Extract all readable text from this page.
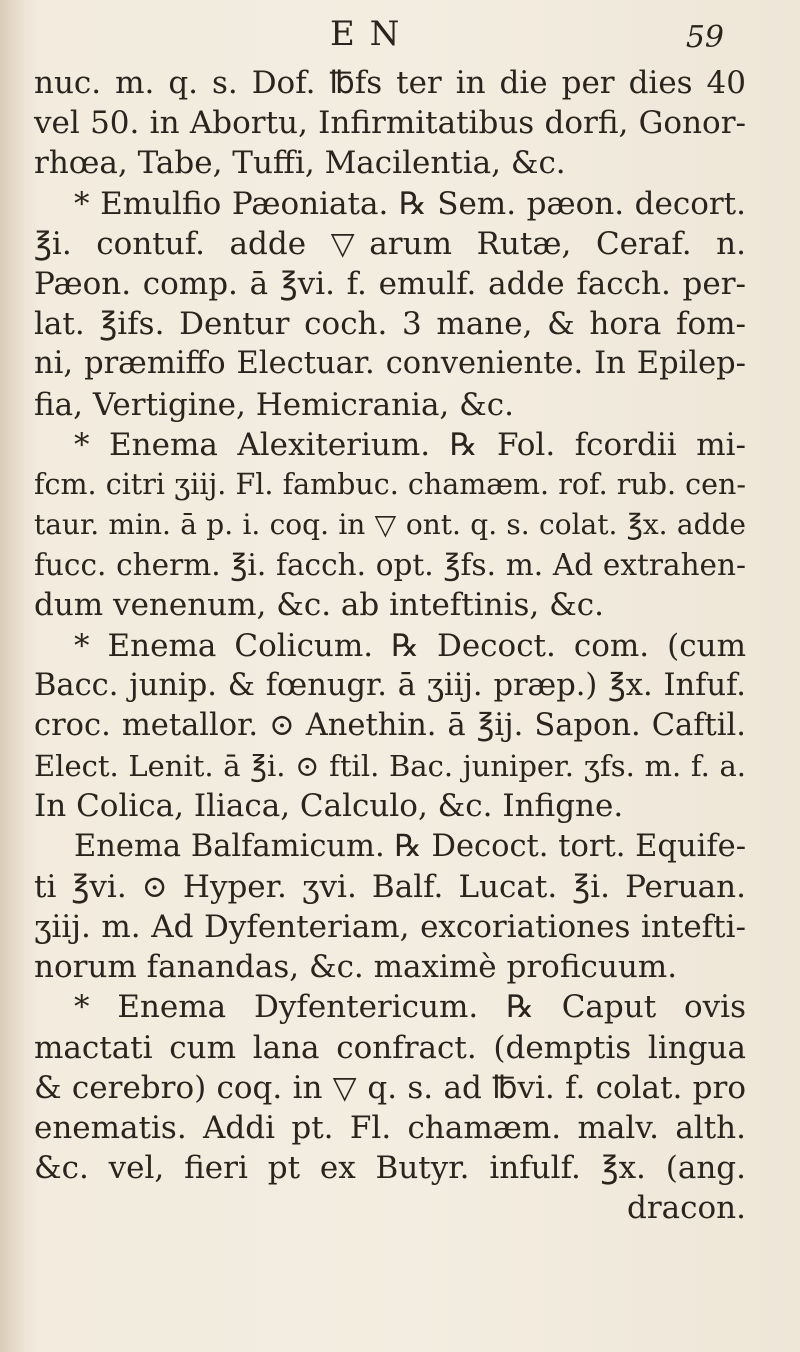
E N	59
nuc. m. q. s. Dof. ℔fs ter in die per dies 40
vel 50. in Abortu, Infirmitatibus dorfi, Gonor-
rhœa, Tabe, Tuffi, Macilentia, &c.
* Emulfio Pæoniata. ℞ Sem. pæon. decort.
℥i. contuf. adde ▽arum Rutæ, Ceraf. n.
Pæon. comp. ā ℥vi. f. emulf. adde facch. per-
lat. ℥ifs. Dentur coch. 3 mane, & hora fom-
ni, præmiffo Electuar. conveniente. In Epilep-
fia, Vertigine, Hemicrania, &c.
* Enema Alexiterium. ℞ Fol. fcordii mi-
fcm. citri ʒiij. Fl. fambuc. chamæm. rof. rub. cen-
taur. min. ā p. i. coq. in ▽ ont. q. s. colat. ℥x. adde
fucc. cherm. ℥i. facch. opt. ℥fs. m. Ad extrahen-
dum venenum, &c. ab inteftinis, &c.
* Enema Colicum. ℞ Decoct. com. (cum
Bacc. junip. & fœnugr. ā ʒiij. præp.) ℥x. Infuf.
croc. metallor. ⊙ Anethin. ā ℥ij. Sapon. Caftil.
Elect. Lenit. ā ℥i. ⊙ ftil. Bac. juniper. ʒfs. m. f. a.
In Colica, Iliaca, Calculo, &c. Infigne.
Enema Balfamicum. ℞ Decoct. tort. Equife-
ti ℥vi. ⊙ Hyper. ʒvi. Balf. Lucat. ℥i. Peruan.
ʒiij. m. Ad Dyfenteriam, excoriationes intefti-
norum fanandas, &c. maximè proficuum.
* Enema Dyfentericum. ℞ Caput ovis
mactati cum lana confract. (demptis lingua
& cerebro) coq. in ▽ q. s. ad ℔vi. f. colat. pro
enematis. Addi pt. Fl. chamæm. malv. alth.
&c. vel, fieri pt ex Butyr. infulf. ℥x. (ang.
dracon.
